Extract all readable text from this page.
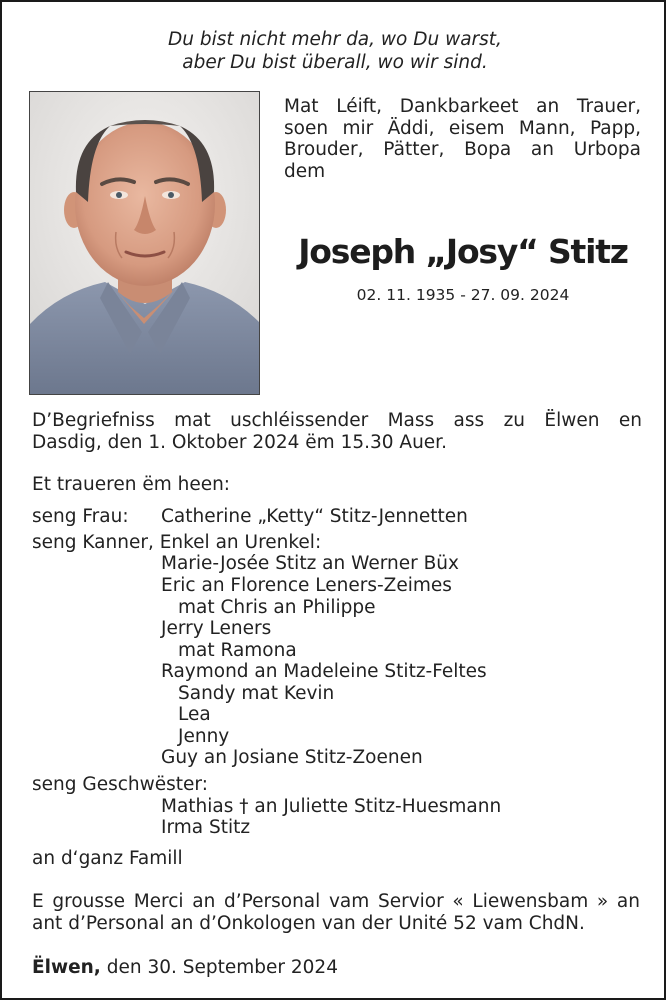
Du bist nicht mehr da, wo Du warst,
aber Du bist überall, wo wir sind.
Mat Léift, Dankbarkeet an Trauer,
soen mir Äddi, eisem Mann, Papp,
Brouder, Pätter, Bopa an Urbopa
dem
Joseph „Josy“ Stitz
02. 11. 1935 - 27. 09. 2024
D’Begriefniss mat uschléissender Mass ass zu Ëlwen en
Dasdig, den 1. Oktober 2024 ëm 15.30 Auer.
Et traueren ëm heen:
seng Frau: Catherine „Ketty“ Stitz-Jennetten
seng Kanner, Enkel an Urenkel:
Marie-Josée Stitz an Werner Büx
Eric an Florence Leners-Zeimes
mat Chris an Philippe
Jerry Leners
mat Ramona
Raymond an Madeleine Stitz-Feltes
Sandy mat Kevin
Lea
Jenny
Guy an Josiane Stitz-Zoenen
seng Geschwëster:
Mathias † an Juliette Stitz-Huesmann
Irma Stitz
an d‘ganz Famill
E grousse Merci an d’Personal vam Servior « Liewensbam » an
ant d’Personal an d’Onkologen van der Unité 52 vam ChdN.
Ëlwen, den 30. September 2024
